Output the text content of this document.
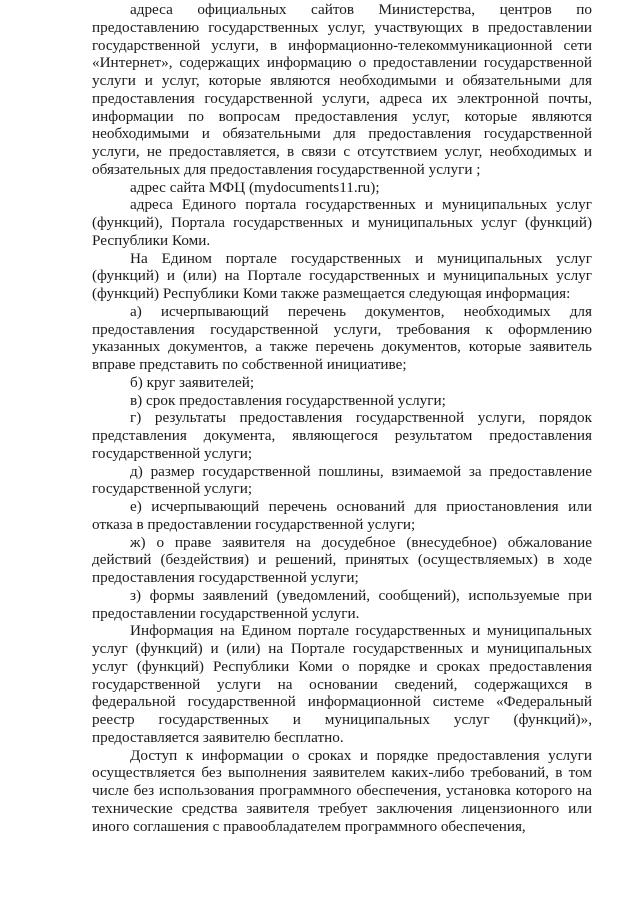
адреса официальных сайтов Министерства, центров по предоставлению государственных услуг, участвующих в предоставлении государственной услуги, в информационно-телекоммуникационной сети «Интернет», содержащих информацию о предоставлении государственной услуги и услуг, которые являются необходимыми и обязательными для предоставления государственной услуги, адреса их электронной почты, информации по вопросам предоставления услуг, которые являются необходимыми и обязательными для предоставления государственной услуги, не предоставляется, в связи с отсутствием услуг, необходимых и обязательных для предоставления государственной услуги ;

адрес сайта МФЦ (mydocuments11.ru);

адреса Единого портала государственных и муниципальных услуг (функций), Портала государственных и муниципальных услуг (функций) Республики Коми.

На Едином портале государственных и муниципальных услуг (функций) и (или) на Портале государственных и муниципальных услуг (функций) Республики Коми также размещается следующая информация:

а) исчерпывающий перечень документов, необходимых для предоставления государственной услуги, требования к оформлению указанных документов, а также перечень документов, которые заявитель вправе представить по собственной инициативе;

б) круг заявителей;

в) срок предоставления государственной услуги;

г) результаты предоставления государственной услуги, порядок представления документа, являющегося результатом предоставления государственной услуги;

д) размер государственной пошлины, взимаемой за предоставление государственной услуги;

е) исчерпывающий перечень оснований для приостановления или отказа в предоставлении государственной услуги;

ж) о праве заявителя на досудебное (внесудебное) обжалование действий (бездействия) и решений, принятых (осуществляемых) в ходе предоставления государственной услуги;

з) формы заявлений (уведомлений, сообщений), используемые при предоставлении государственной услуги.

Информация на Едином портале государственных и муниципальных услуг (функций) и (или) на Портале государственных и муниципальных услуг (функций) Республики Коми о порядке и сроках предоставления государственной услуги на основании сведений, содержащихся в федеральной государственной информационной системе «Федеральный реестр государственных и муниципальных услуг (функций)», предоставляется заявителю бесплатно.

Доступ к информации о сроках и порядке предоставления услуги осуществляется без выполнения заявителем каких-либо требований, в том числе без использования программного обеспечения, установка которого на технические средства заявителя требует заключения лицензионного или иного соглашения с правообладателем программного обеспечения,
